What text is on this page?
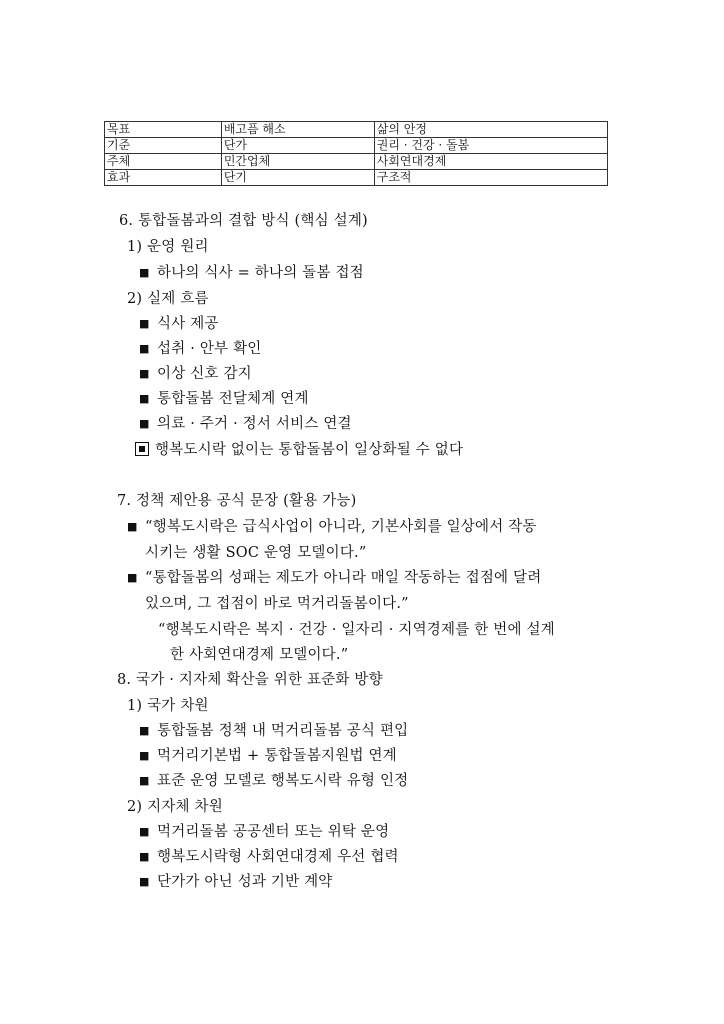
목표	배고픔 해소	삶의 안정
기준	단가	권리 · 건강 · 돌봄
주체	민간업체	사회연대경제
효과	단기	구조적
6. 통합돌봄과의 결합 방식 (핵심 설계)
1) 운영 원리
■ 하나의 식사 = 하나의 돌봄 접점
2) 실제 흐름
■ 식사 제공
■ 섭취 · 안부 확인
■ 이상 신호 감지
■ 통합돌봄 전달체계 연계
■ 의료 · 주거 · 정서 서비스 연결
행복도시락 없이는 통합돌봄이 일상화될 수 없다
7. 정책 제안용 공식 문장 (활용 가능)
■ “행복도시락은 급식사업이 아니라, 기본사회를 일상에서 작동
시키는 생활 SOC 운영 모델이다.”
■ “통합돌봄의 성패는 제도가 아니라 매일 작동하는 접점에 달려
있으며, 그 접점이 바로 먹거리돌봄이다.”
“행복도시락은 복지 · 건강 · 일자리 · 지역경제를 한 번에 설계
한 사회연대경제 모델이다.”
8. 국가 · 지자체 확산을 위한 표준화 방향
1) 국가 차원
■ 통합돌봄 정책 내 먹거리돌봄 공식 편입
■ 먹거리기본법 + 통합돌봄지원법 연계
■ 표준 운영 모델로 행복도시락 유형 인정
2) 지자체 차원
■ 먹거리돌봄 공공센터 또는 위탁 운영
■ 행복도시락형 사회연대경제 우선 협력
■ 단가가 아닌 성과 기반 계약
